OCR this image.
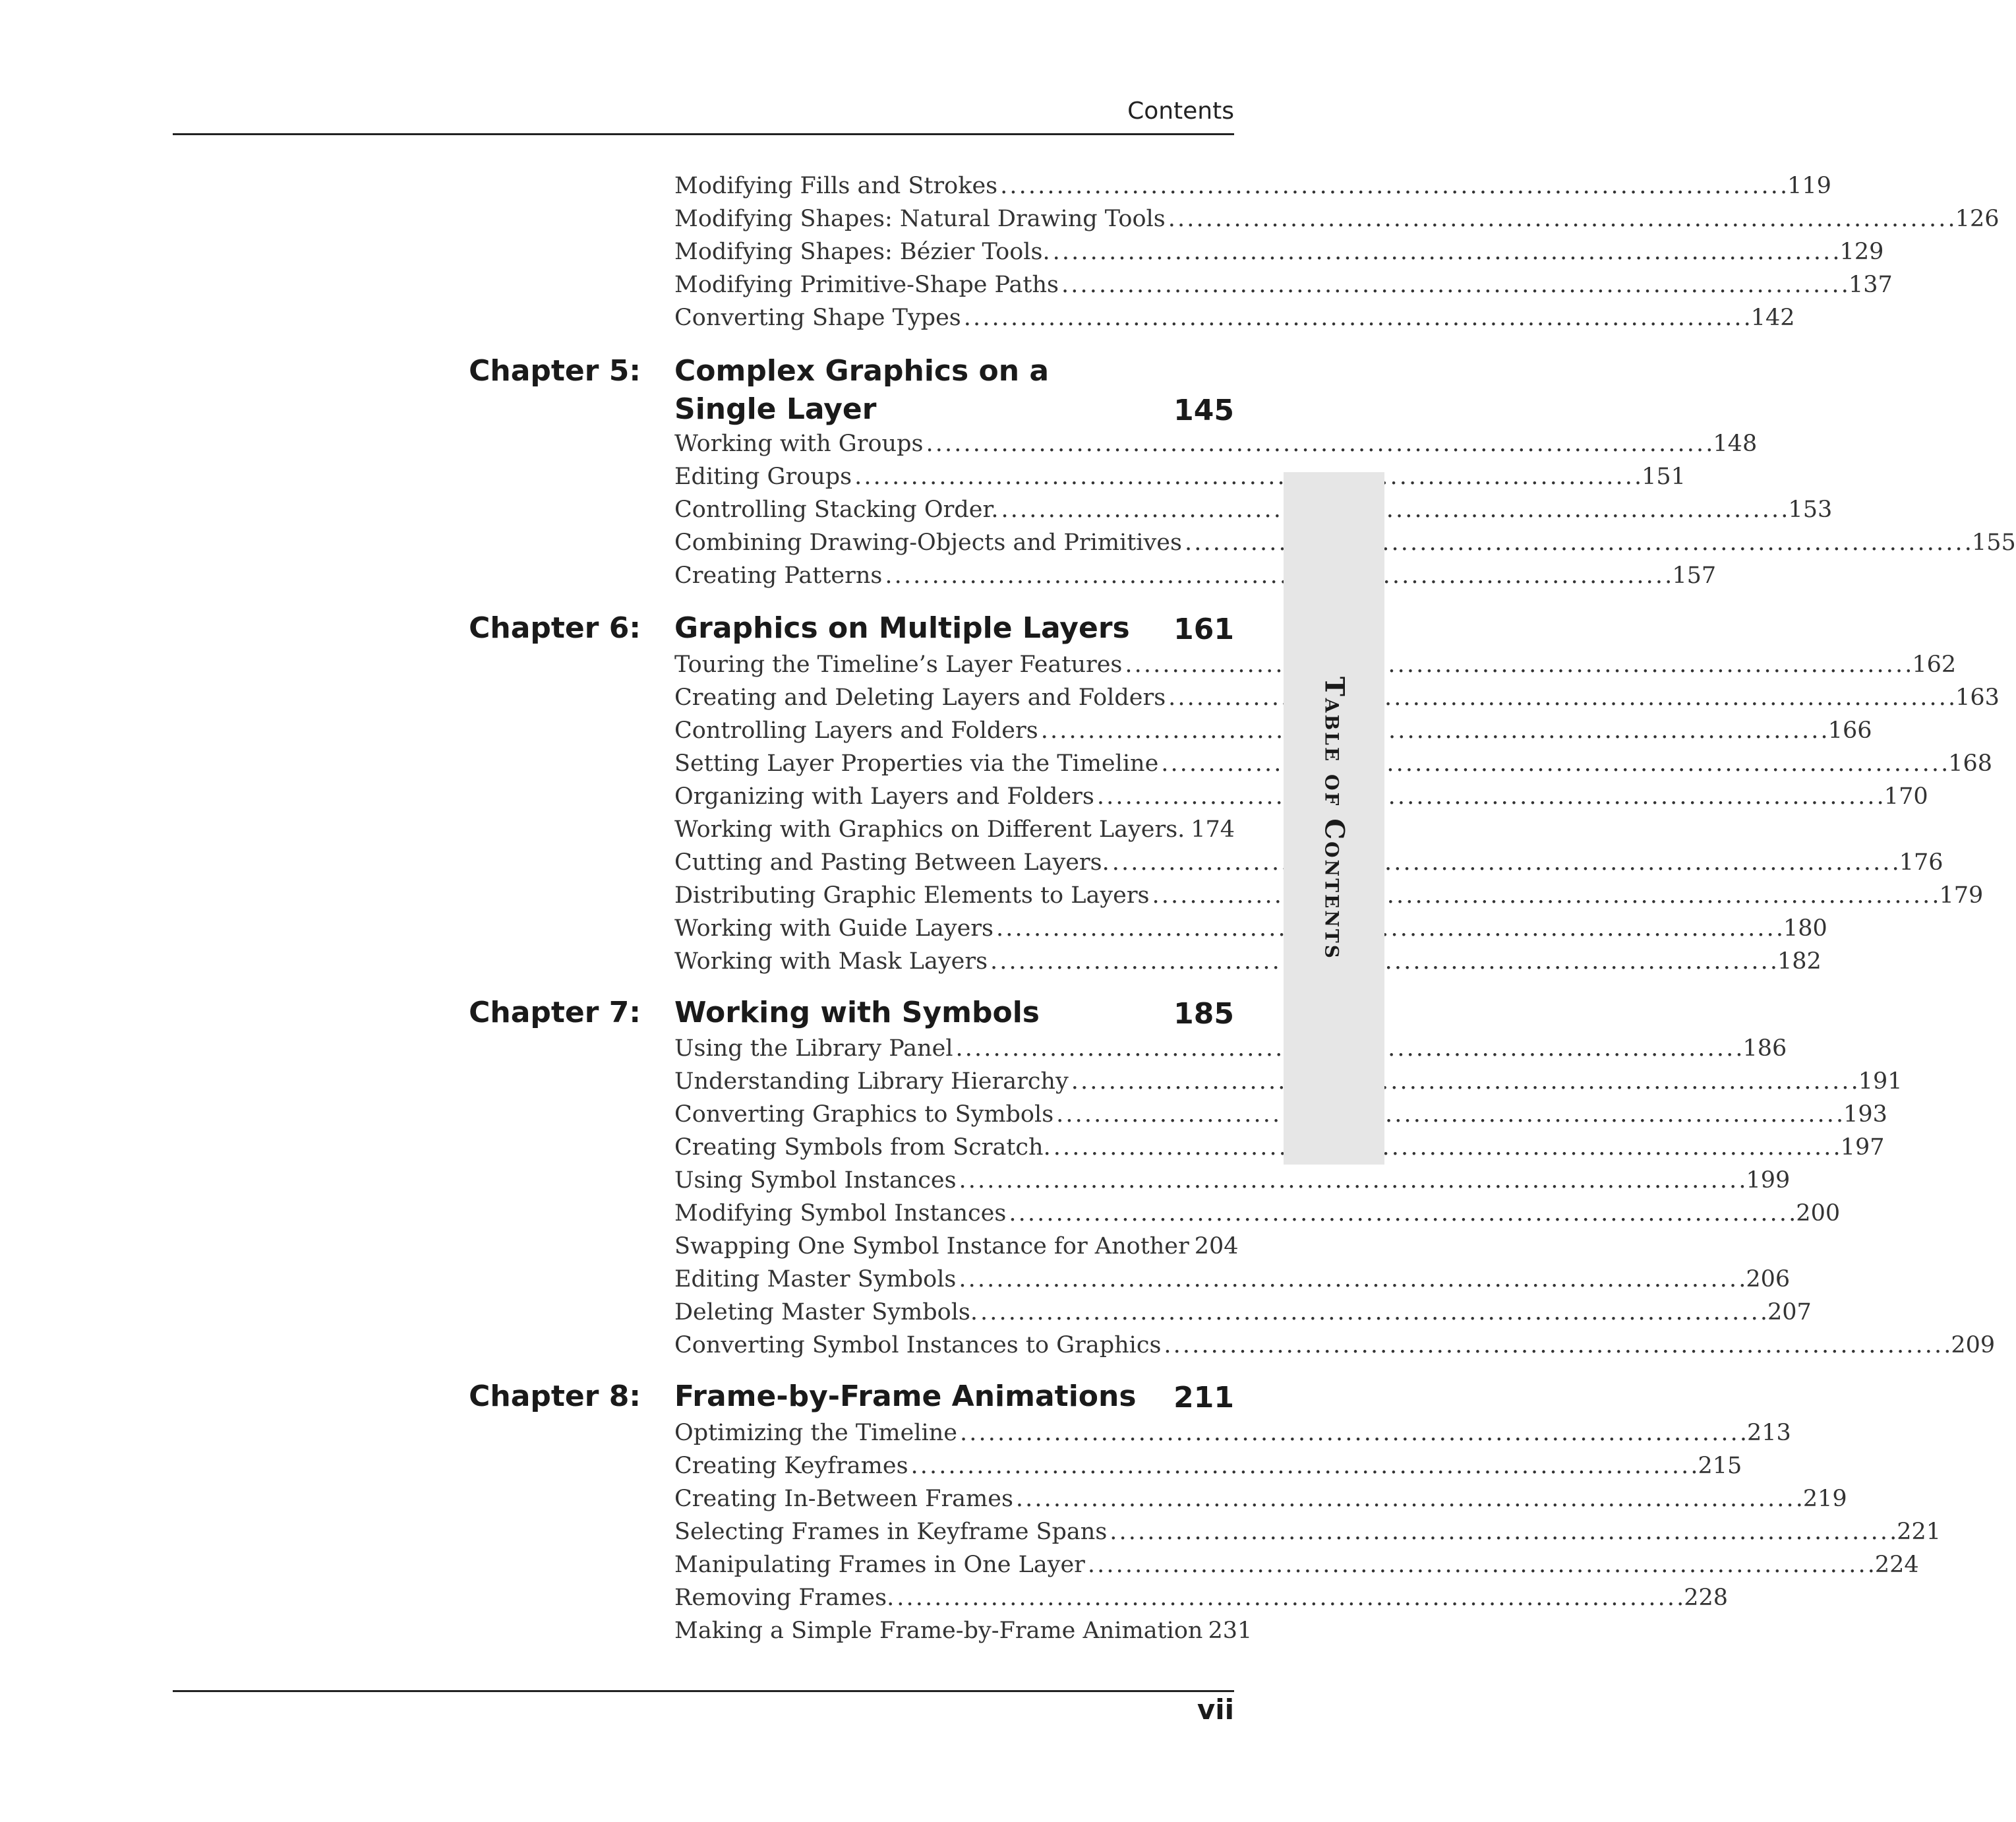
Contents
Modifying Fills and Strokes . . .	119
Modifying Shapes: Natural Drawing Tools . . .	126
Modifying Shapes: Bézier Tools. . . .	129
Modifying Primitive-Shape Paths . . .	137
Converting Shape Types . . .	142
Chapter 5: Complex Graphics on a
Single Layer	145
Working with Groups . . .	148
Editing Groups . . .	151
Controlling Stacking Order. . . .	153
Combining Drawing-Objects and Primitives . . .	155
Creating Patterns . . .	157
Chapter 6: Graphics on Multiple Layers	161
Touring the Timeline’s Layer Features . . .	162
Creating and Deleting Layers and Folders . . .	163
Controlling Layers and Folders . . .	166
Setting Layer Properties via the Timeline . . .	168
Organizing with Layers and Folders . . .	170
Working with Graphics on Different Layers. . . . 174
Cutting and Pasting Between Layers. . . .	176
Distributing Graphic Elements to Layers . . .	179
Working with Guide Layers . . .	180
Working with Mask Layers . . .	182
Chapter 7: Working with Symbols	185
Using the Library Panel . . .	186
Understanding Library Hierarchy . . .	191
Converting Graphics to Symbols . . .	193
Creating Symbols from Scratch. . . .	197
Using Symbol Instances . . .	199
Modifying Symbol Instances . . .	200
Swapping One Symbol Instance for Another 204
Editing Master Symbols . . .	206
Deleting Master Symbols. . . .	207
Converting Symbol Instances to Graphics . . .	209
Chapter 8: Frame-by-Frame Animations	211
Optimizing the Timeline . . .	213
Creating Keyframes . . .	215
Creating In-Between Frames . . .	219
Selecting Frames in Keyframe Spans . . .	221
Manipulating Frames in One Layer . . .	224
Removing Frames. . . .	228
Making a Simple Frame-by-Frame Animation 231
Table of Contents
vii
